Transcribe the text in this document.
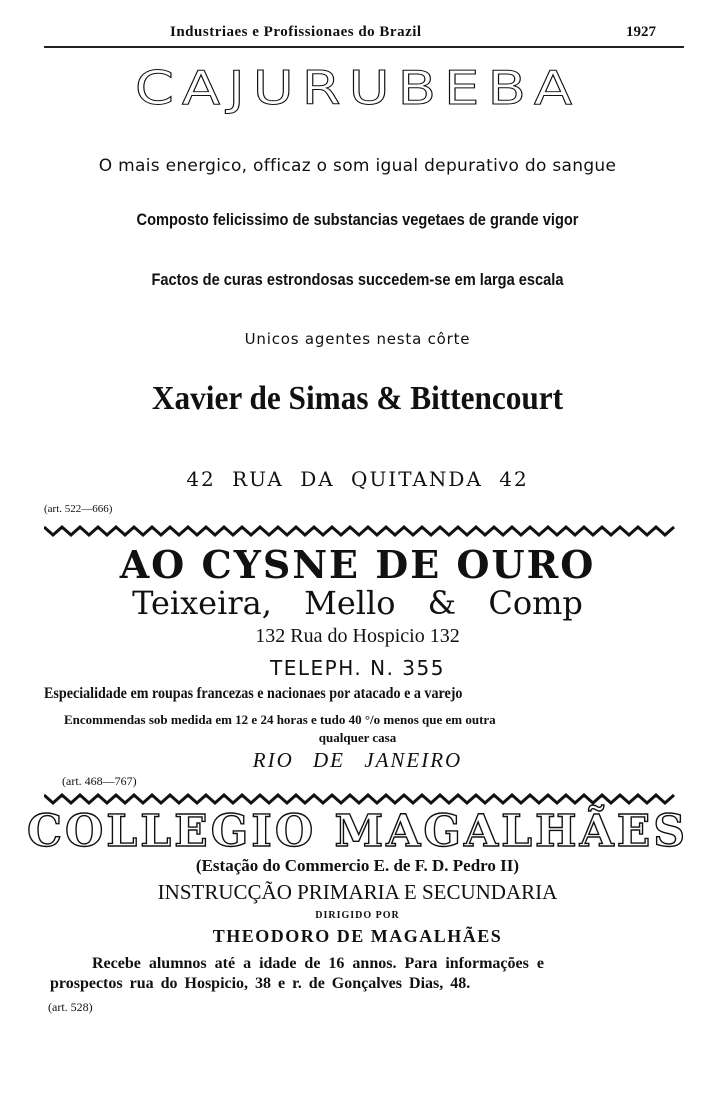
Industriaes e Profissionaes do Brazil	1927
CAJURUBEBA
O mais energico, officaz o som igual depurativo do sangue
Composto felicissimo de substancias vegetaes de grande vigor
Factos de curas estrondosas succedem-se em larga escala
Unicos agentes nesta côrte
Xavier de Simas & Bittencourt
42 RUA DA QUITANDA 42
(art. 522—666)
AO CYSNE DE OURO
Teixeira, Mello & Comp
132 Rua do Hospicio 132
TELEPH. N. 355
Especialidade em roupas francezas e nacionaes por atacado e a varejo
Encommendas sob medida em 12 e 24 horas e tudo 40 °/o menos que em outra
qualquer casa
RIO DE JANEIRO
(art. 468—767)
COLLEGIO MAGALHÃES
(Estação do Commercio E. de F. D. Pedro II)
INSTRUCÇÃO PRIMARIA E SECUNDARIA
DIRIGIDO POR
THEODORO DE MAGALHÃES
Recebe alumnos até a idade de 16 annos. Para informações e
prospectos rua do Hospicio, 38 e r. de Gonçalves Dias, 48.
(art. 528)
